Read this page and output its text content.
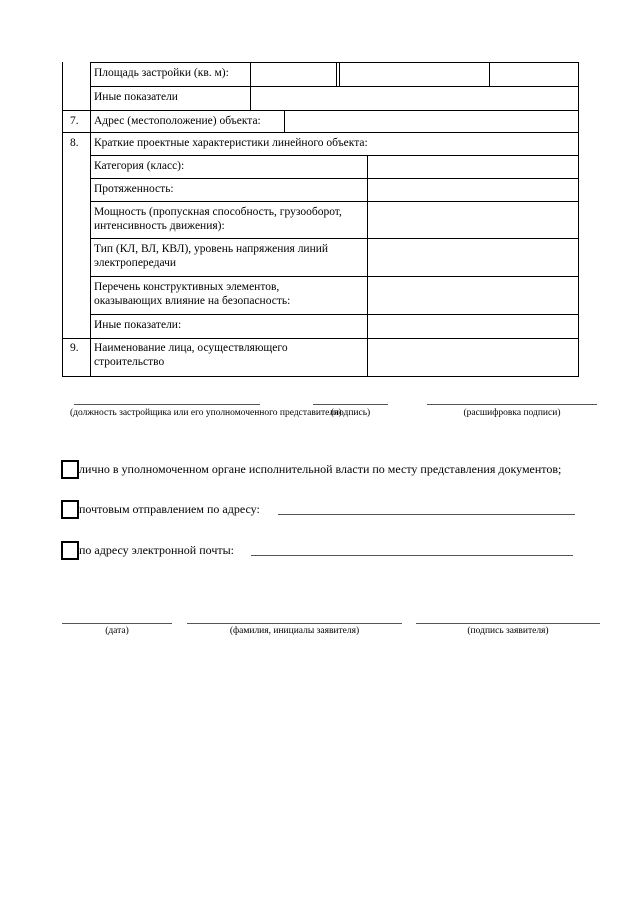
Площадь застройки (кв. м):
Иные показатели
7. Адрес (местоположение) объекта:
8. Краткие проектные характеристики линейного объекта:
Категория (класс):
Протяженность:
Мощность (пропускная способность, грузооборот, интенсивность движения):
Тип (КЛ, ВЛ, КВЛ), уровень напряжения линий электропередачи
Перечень конструктивных элементов, оказывающих влияние на безопасность:
Иные показатели:
9. Наименование лица, осуществляющего строительство
(должность застройщика или его уполномоченного представителя)
(подпись)	(расшифровка подписи)
лично в уполномоченном органе исполнительной власти по месту представления документов;
почтовым отправлением по адресу:
по адресу электронной почты:
(дата)	(фамилия, инициалы заявителя)	(подпись заявителя)
